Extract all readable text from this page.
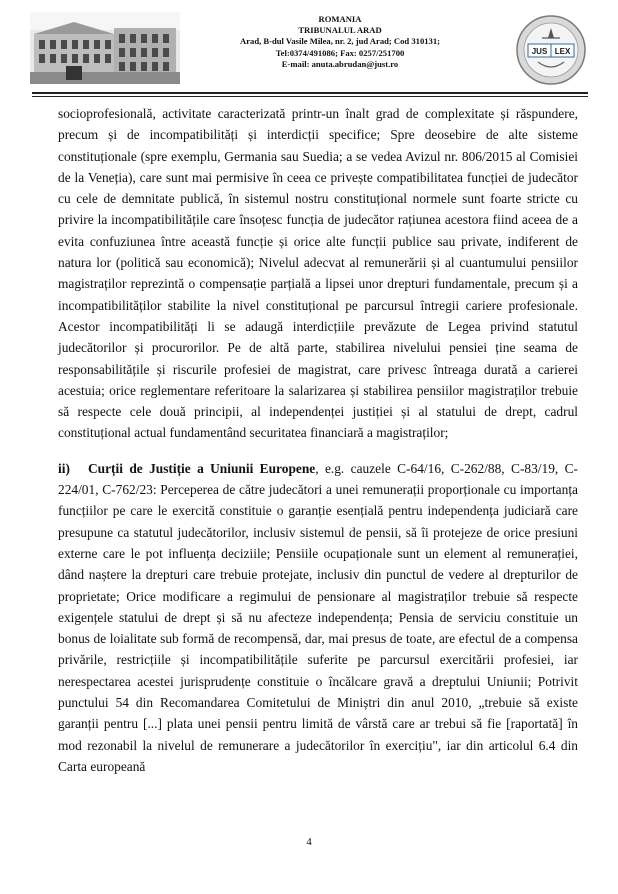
ROMANIA
TRIBUNALUL ARAD
Arad, B-dul Vasile Milea, nr. 2, jud Arad; Cod 310131;
Tel:0374/491086; Fax: 0257/251700
E-mail: anuta.abrudan@just.ro
JUS LEX

socioprofesională, activitate caracterizată printr-un înalt grad de complexitate și răspundere, precum și de incompatibilități și interdicții specifice; Spre deosebire de alte sisteme constituționale (spre exemplu, Germania sau Suedia; a se vedea Avizul nr. 806/2015 al Comisiei de la Veneția), care sunt mai permisive în ceea ce privește compatibilitatea funcției de judecător cu cele de demnitate publică, în sistemul nostru constituțional normele sunt foarte stricte cu privire la incompatibilitățile care însoțesc funcția de judecător rațiunea acestora fiind aceea de a evita confuziunea între această funcție și orice alte funcții publice sau private, indiferent de natura lor (politică sau economică); Nivelul adecvat al remunerării și al cuantumului pensiilor magistraților reprezintă o compensație parțială a lipsei unor drepturi fundamentale, precum și a incompatibilităților stabilite la nivel constituțional pe parcursul întregii cariere profesionale. Acestor incompatibilități li se adaugă interdicțiile prevăzute de Legea privind statutul judecătorilor și procurorilor. Pe de altă parte, stabilirea nivelului pensiei ține seama de responsabilitățile și riscurile profesiei de magistrat, care privesc întreaga durată a carierei acestuia; orice reglementare referitoare la salarizarea și stabilirea pensiilor magistraților trebuie să respecte cele două principii, al independenței justiției și al statului de drept, cadrul constituțional actual fundamentând securitatea financiară a magistraților;

ii) Curții de Justiție a Uniunii Europene, e.g. cauzele C-64/16, C-262/88, C-83/19, C-224/01, C-762/23: Perceperea de către judecători a unei remunerații proporționale cu importanța funcțiilor pe care le exercită constituie o garanție esențială pentru independența judiciară care presupune ca statutul judecătorilor, inclusiv sistemul de pensii, să îi protejeze de orice presiuni externe care le pot influența deciziile; Pensiile ocupaționale sunt un element al remunerației, dând naștere la drepturi care trebuie protejate, inclusiv din punctul de vedere al drepturilor de proprietate; Orice modificare a regimului de pensionare al magistraților trebuie să respecte exigențele statului de drept și să nu afecteze independența; Pensia de serviciu constituie un bonus de loialitate sub formă de recompensă, dar, mai presus de toate, are efectul de a compensa privările, restricțiile și incompatibilitățile suferite pe parcursul exercitării profesiei, iar nerespectarea acestei jurisprudențe constituie o încălcare gravă a dreptului Uniunii; Potrivit punctului 54 din Recomandarea Comitetului de Miniștri din anul 2010, „trebuie să existe garanții pentru [...] plata unei pensii pentru limită de vârstă care ar trebui să fie [raportată] în mod rezonabil la nivelul de remunerare a judecătorilor în exercițiu", iar din articolul 6.4 din Carta europeană

4
